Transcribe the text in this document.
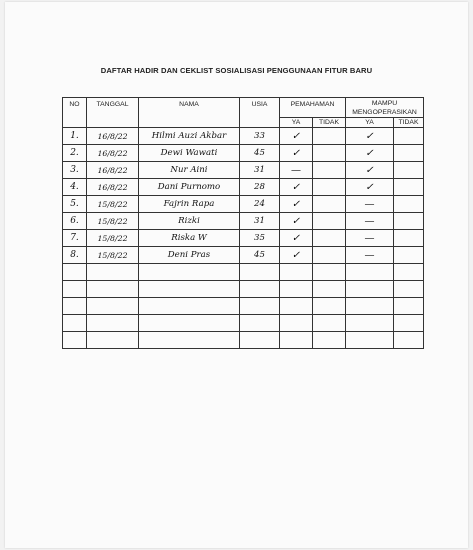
DAFTAR HADIR DAN CEKLIST SOSIALISASI PENGGUNAAN FITUR BARU
NO	TANGGAL	NAMA	USIA	PEMAHAMAN		MAMPU MENGOPERASIKAN	
				YA	TIDAK	YA	TIDAK
1.	16/8/22	Hilmi Auzi Akbar	33	✓		✓	
2.	16/8/22	Dewi Wawati	45	✓		✓	
3.	16/8/22	Nur Aini	31	—		✓	
4.	16/8/22	Dani Purnomo	28	✓		✓	
5.	15/8/22	Fajrin Rapa	24	✓		—	
6.	15/8/22	Rizki	31	✓		—	
7.	15/8/22	Riska W	35	✓		—	
8.	15/8/22	Deni Pras	45	✓		—	
